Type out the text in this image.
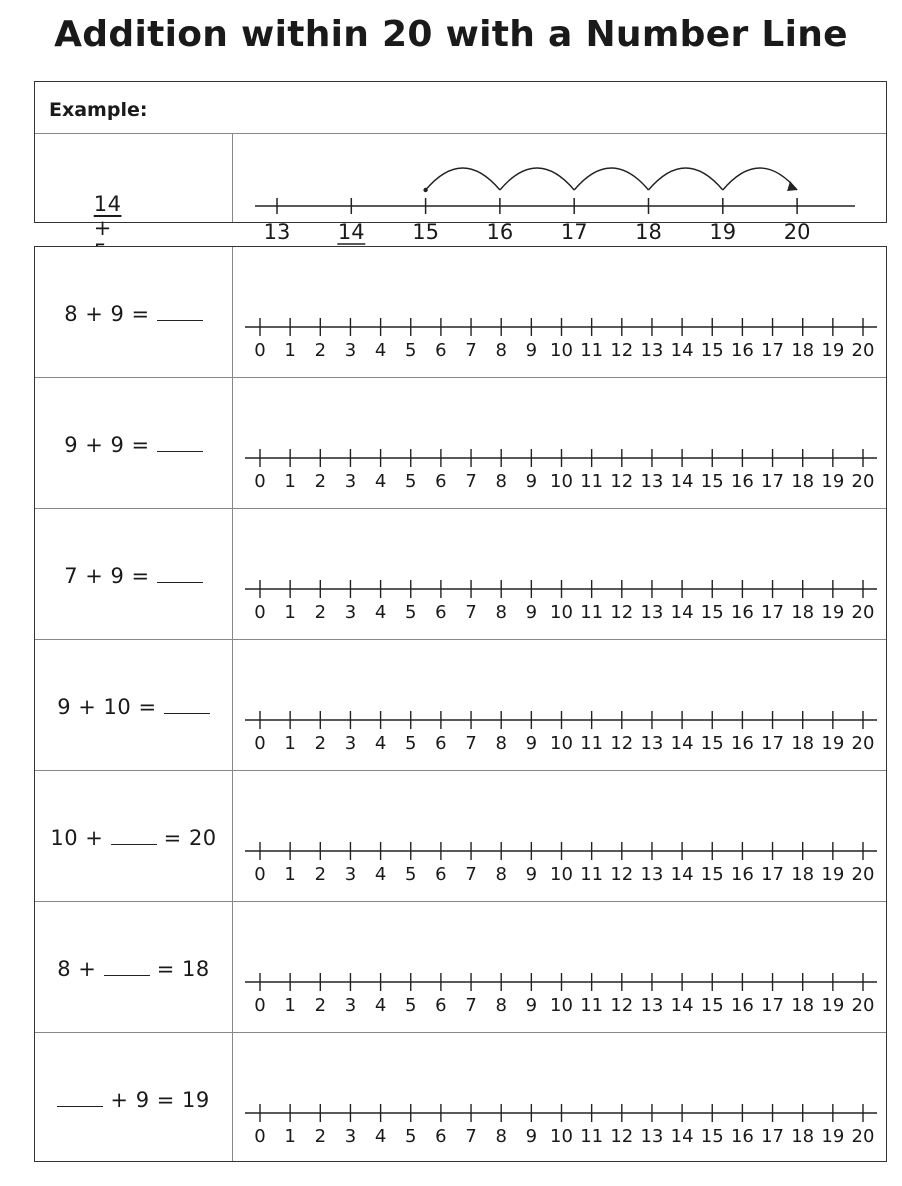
Addition within 20 with a Number Line
Example:

14
+

	13 14 15 16 17 18 19 20
8 + 9 =
0 1 2 3 4 5 6 7 8 9 10 11 12 13 14 15 16 17 18 19 20
9 + 9 =
0 1 2 3 4 5 6 7 8 9 10 11 12 13 14 15 16 17 18 19 20
7 + 9 =
0 1 2 3 4 5 6 7 8 9 10 11 12 13 14 15 16 17 18 19 20
9 + 10 =
0 1 2 3 4 5 6 7 8 9 10 11 12 13 14 15 16 17 18 19 20
10 +  = 20
0 1 2 3 4 5 6 7 8 9 10 11 12 13 14 15 16 17 18 19 20
8 +  = 18
0 1 2 3 4 5 6 7 8 9 10 11 12 13 14 15 16 17 18 19 20
+ 9 = 19
0 1 2 3 4 5 6 7 8 9 10 11 12 13 14 15 16 17 18 19 20
